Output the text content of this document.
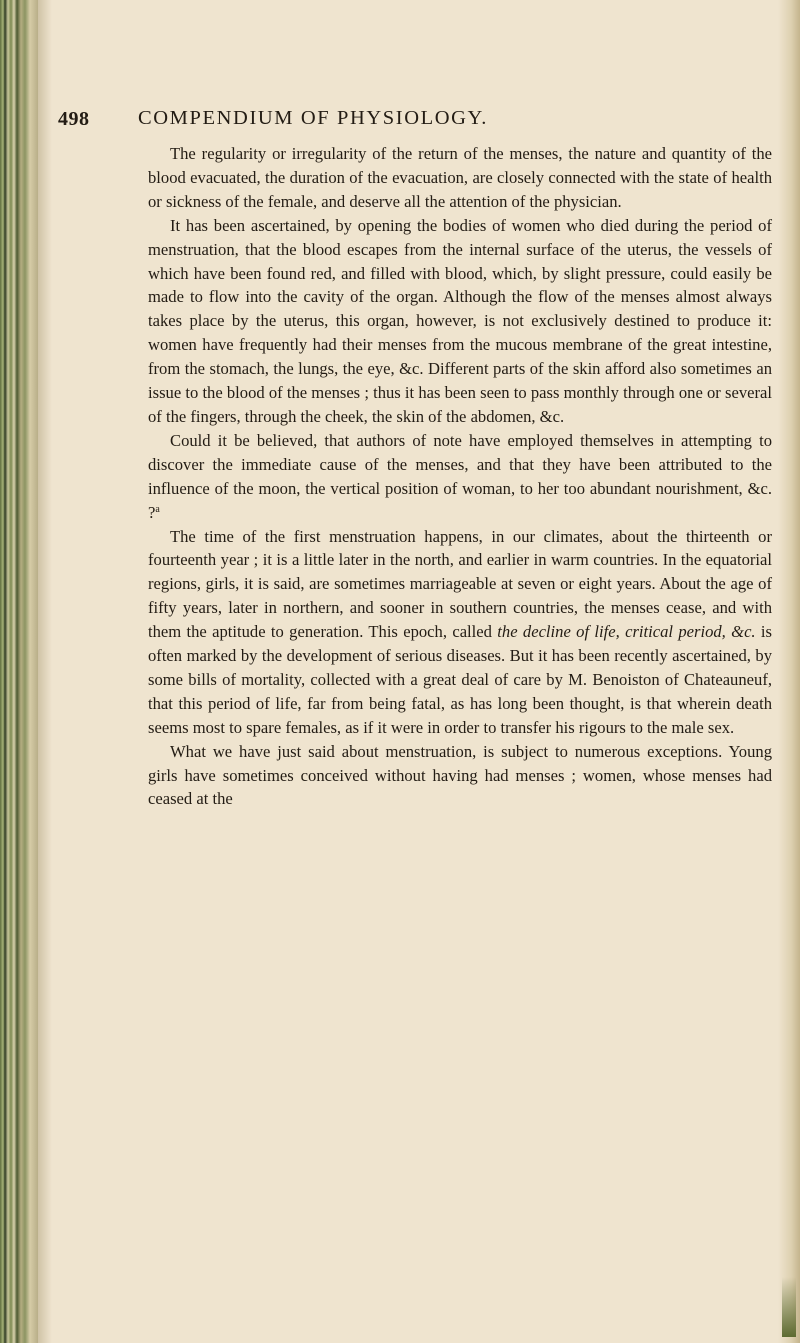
498 COMPENDIUM OF PHYSIOLOGY.

The regularity or irregularity of the return of the menses, the nature and quantity of the blood evacuated, the duration of the evacuation, are closely connected with the state of health or sickness of the female, and deserve all the attention of the physician.

It has been ascertained, by opening the bodies of women who died during the period of menstruation, that the blood escapes from the internal surface of the uterus, the vessels of which have been found red, and filled with blood, which, by slight pressure, could easily be made to flow into the cavity of the organ. Although the flow of the menses almost always takes place by the uterus, this organ, however, is not exclusively destined to produce it: women have frequently had their menses from the mucous membrane of the great intestine, from the stomach, the lungs, the eye, &c. Different parts of the skin afford also sometimes an issue to the blood of the menses ; thus it has been seen to pass monthly through one or several of the fingers, through the cheek, the skin of the abdomen, &c.

Could it be believed, that authors of note have employed themselves in attempting to discover the immediate cause of the menses, and that they have been attributed to the influence of the moon, the vertical position of woman, to her too abundant nourishment, &c. ?$^a$

The time of the first menstruation happens, in our climates, about the thirteenth or fourteenth year ; it is a little later in the north, and earlier in warm countries. In the equatorial regions, girls, it is said, are sometimes marriageable at seven or eight years. About the age of fifty years, later in northern, and sooner in southern countries, the menses cease, and with them the aptitude to generation. This epoch, called the decline of life, critical period, &c. is often marked by the development of serious diseases. But it has been recently ascertained, by some bills of mortality, collected with a great deal of care by M. Benoiston of Chateauneuf, that this period of life, far from being fatal, as has long been thought, is that wherein death seems most to spare females, as if it were in order to transfer his rigours to the male sex.

What we have just said about menstruation, is subject to numerous exceptions. Young girls have sometimes conceived without having had menses ; women, whose menses had ceased at the
